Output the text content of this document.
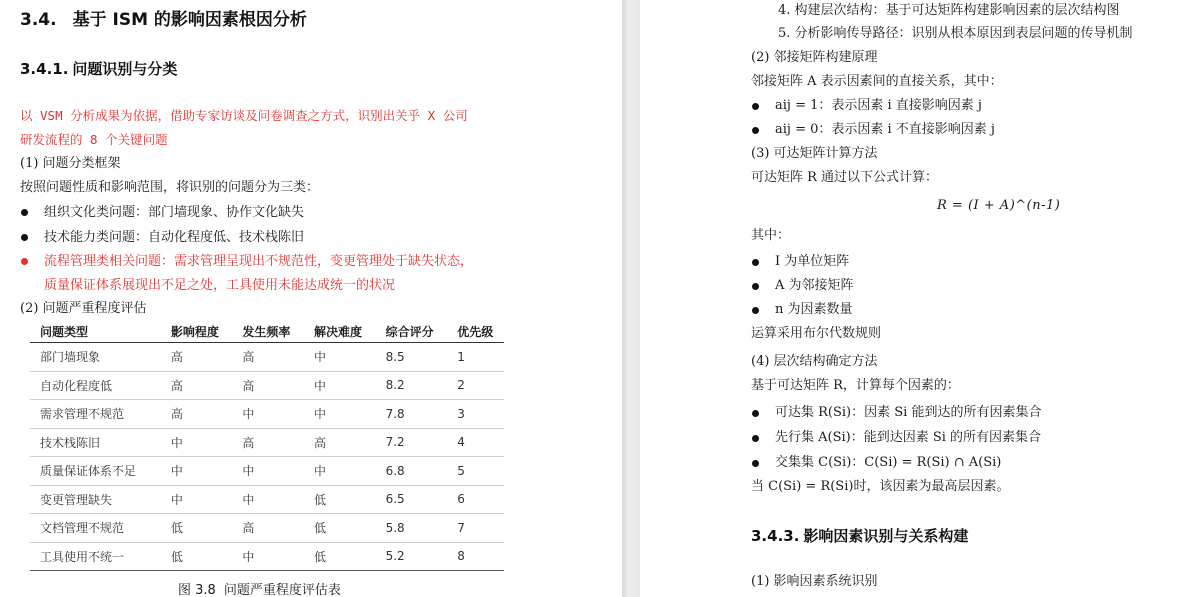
3.4. 基于 ISM 的影响因素根因分析
3.4.1. 问题识别与分类
以 VSM 分析成果为依据，借助专家访谈及问卷调查之方式，识别出关乎 X 公司
研发流程的 8 个关键问题
(1) 问题分类框架
按照问题性质和影响范围，将识别的问题分为三类：
组织文化类问题：部门墙现象、协作文化缺失
技术能力类问题：自动化程度低、技术栈陈旧
流程管理类相关问题：需求管理呈现出不规范性，变更管理处于缺失状态，
质量保证体系展现出不足之处，工具使用未能达成统一的状况
(2) 问题严重程度评估
问题类型	影响程度	发生频率	解决难度	综合评分	优先级
部门墙现象	高	高	中	8.5	1
自动化程度低	高	高	中	8.2	2
需求管理不规范	高	中	中	7.8	3
技术栈陈旧	中	高	高	7.2	4
质量保证体系不足	中	中	中	6.8	5
变更管理缺失	中	中	低	6.5	6
文档管理不规范	低	高	低	5.8	7
工具使用不统一	低	中	低	5.2	8
图 3.8 问题严重程度评估表
4. 构建层次结构：基于可达矩阵构建影响因素的层次结构图
5. 分析影响传导路径：识别从根本原因到表层问题的传导机制
(2) 邻接矩阵构建原理
邻接矩阵 A 表示因素间的直接关系，其中：
aij = 1：表示因素 i 直接影响因素 j
aij = 0：表示因素 i 不直接影响因素 j
(3) 可达矩阵计算方法
可达矩阵 R 通过以下公式计算：
R = (I + A)^(n-1)
其中：
I 为单位矩阵
A 为邻接矩阵
n 为因素数量
运算采用布尔代数规则
(4) 层次结构确定方法
基于可达矩阵 R，计算每个因素的：
可达集 R(Si)：因素 Si 能到达的所有因素集合
先行集 A(Si)：能到达因素 Si 的所有因素集合
交集集 C(Si)：C(Si) = R(Si) ∩ A(Si)
当 C(Si) = R(Si)时，该因素为最高层因素。
3.4.3. 影响因素识别与关系构建
(1) 影响因素系统识别
